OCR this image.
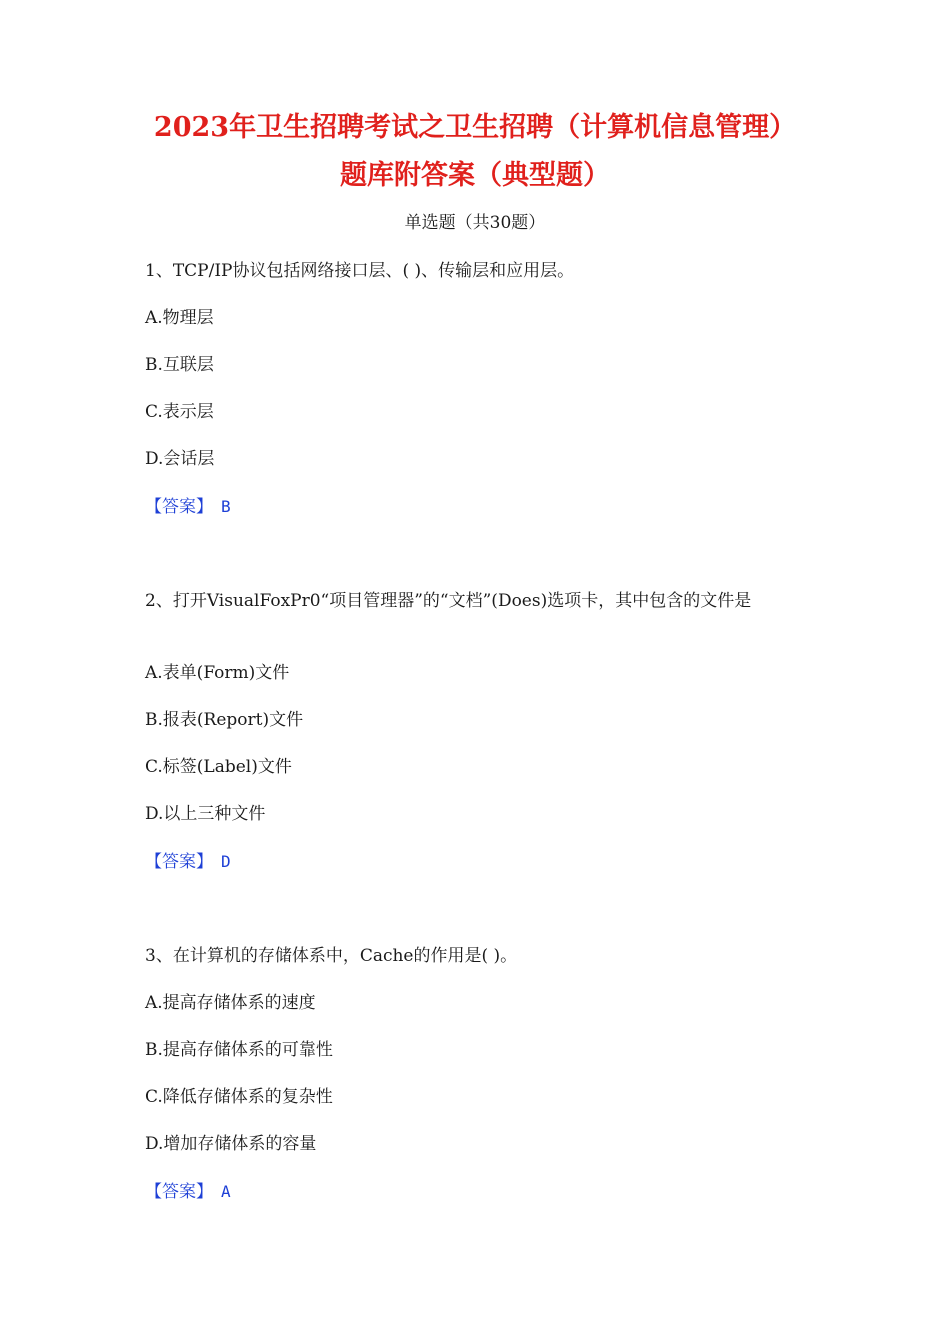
2023年卫生招聘考试之卫生招聘（计算机信息管理）题库附答案（典型题）
单选题（共30题）
1、TCP/IP协议包括网络接口层、( )、传输层和应用层。
A.物理层
B.互联层
C.表示层
D.会话层
【答案】 B
2、打开VisualFoxPr0“项目管理器”的“文档”(Does)选项卡，其中包含的文件是
A.表单(Form)文件
B.报表(Report)文件
C.标签(Label)文件
D.以上三种文件
【答案】 D
3、在计算机的存储体系中，Cache的作用是( )。
A.提高存储体系的速度
B.提高存储体系的可靠性
C.降低存储体系的复杂性
D.增加存储体系的容量
【答案】 A
